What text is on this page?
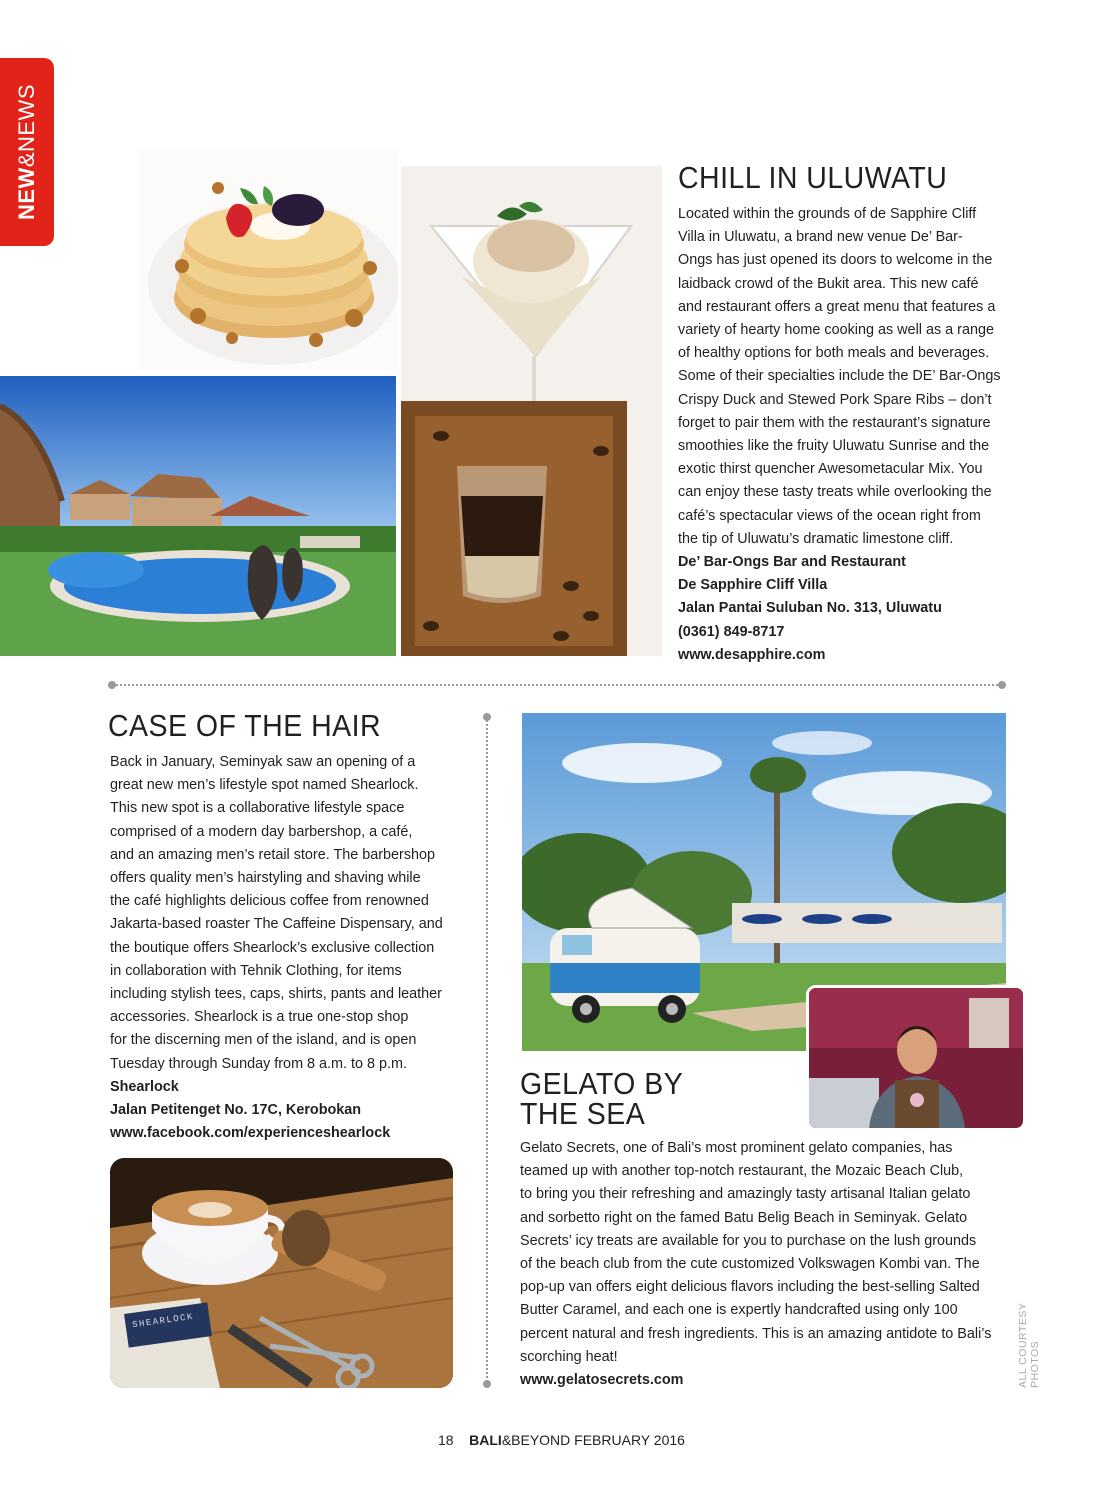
NEW&NEWS
CHILL IN ULUWATU
Located within the grounds of de Sapphire Cliff
Villa in Uluwatu, a brand new venue De’ Bar-
Ongs has just opened its doors to welcome in the
laidback crowd of the Bukit area. This new café
and restaurant offers a great menu that features a
variety of hearty home cooking as well as a range
of healthy options for both meals and beverages.
Some of their specialties include the DE’ Bar-Ongs
Crispy Duck and Stewed Pork Spare Ribs – don’t
forget to pair them with the restaurant’s signature
smoothies like the fruity Uluwatu Sunrise and the
exotic thirst quencher Awesometacular Mix. You
can enjoy these tasty treats while overlooking the
café’s spectacular views of the ocean right from
the tip of Uluwatu’s dramatic limestone cliff.
De’ Bar-Ongs Bar and Restaurant
De Sapphire Cliff Villa
Jalan Pantai Suluban No. 313, Uluwatu
(0361) 849-8717
www.desapphire.com
CASE OF THE HAIR
Back in January, Seminyak saw an opening of a
great new men’s lifestyle spot named Shearlock.
This new spot is a collaborative lifestyle space
comprised of a modern day barbershop, a café,
and an amazing men’s retail store. The barbershop
offers quality men’s hairstyling and shaving while
the café highlights delicious coffee from renowned
Jakarta-based roaster The Caffeine Dispensary, and
the boutique offers Shearlock’s exclusive collection
in collaboration with Tehnik Clothing, for items
including stylish tees, caps, shirts, pants and leather
accessories. Shearlock is a true one-stop shop
for the discerning men of the island, and is open
Tuesday through Sunday from 8 a.m. to 8 p.m.
Shearlock
Jalan Petitenget No. 17C, Kerobokan
www.facebook.com/experienceshearlock
SHEARLOCK
GELATO BY
THE SEA
Gelato Secrets, one of Bali’s most prominent gelato companies, has
teamed up with another top-notch restaurant, the Mozaic Beach Club,
to bring you their refreshing and amazingly tasty artisanal Italian gelato
and sorbetto right on the famed Batu Belig Beach in Seminyak. Gelato
Secrets’ icy treats are available for you to purchase on the lush grounds
of the beach club from the cute customized Volkswagen Kombi van. The
pop-up van offers eight delicious flavors including the best-selling Salted
Butter Caramel, and each one is expertly handcrafted using only 100
percent natural and fresh ingredients. This is an amazing antidote to Bali’s
scorching heat!
www.gelatosecrets.com	ALL COURTESY PHOTOS
18 BALI&BEYOND FEBRUARY 2016
